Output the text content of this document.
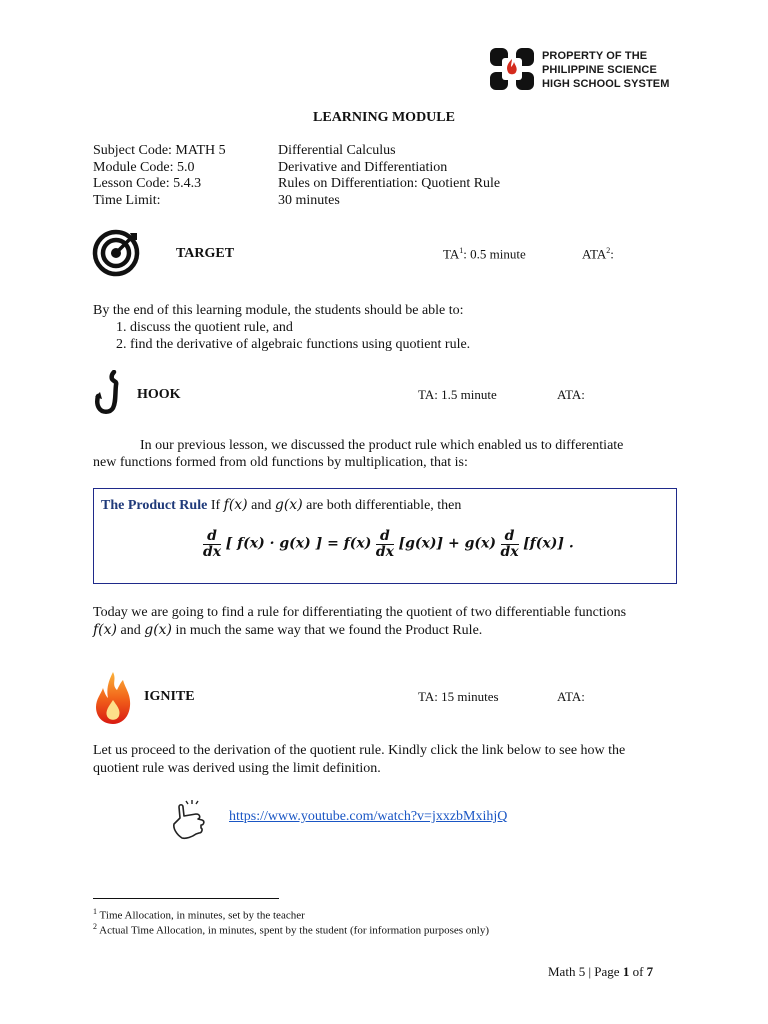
PROPERTY OF THE
PHILIPPINE SCIENCE
HIGH SCHOOL SYSTEM
LEARNING MODULE
Subject Code: MATH 5	Differential Calculus
Module Code: 5.0	Derivative and Differentiation
Lesson Code: 5.4.3	Rules on Differentiation: Quotient Rule
Time Limit:	30 minutes
TARGET	$TA^1$: 0.5 minute	ATA$^2$:
By the end of this learning module, the students should be able to:
1. discuss the quotient rule, and
2. find the derivative of algebraic functions using quotient rule.
HOOK	TA: 1.5 minute	ATA:
In our previous lesson, we discussed the product rule which enabled us to differentiate
new functions formed from old functions by multiplication, that is:
The Product Rule If f(x) and g(x) are both differentiable, then
$\frac{d}{dx}$ [ f(x) · g(x) ] = $f(x) \frac{d}{dx} [g(x)] + g(x) \frac{d}{dx} [f(x)]$ .
Today we are going to find a rule for differentiating the quotient of two differentiable functions
f(x) and g(x) in much the same way that we found the Product Rule.
IGNITE	TA: 15 minutes	ATA:
Let us proceed to the derivation of the quotient rule. Kindly click the link below to see how the
quotient rule was derived using the limit definition.
https://www.youtube.com/watch?v=jxxzbMxihjQ
$^1$ Time Allocation, in minutes, set by the teacher
$^2$ Actual Time Allocation, in minutes, spent by the student (for information purposes only)
Math 5 | Page 1 of 7
